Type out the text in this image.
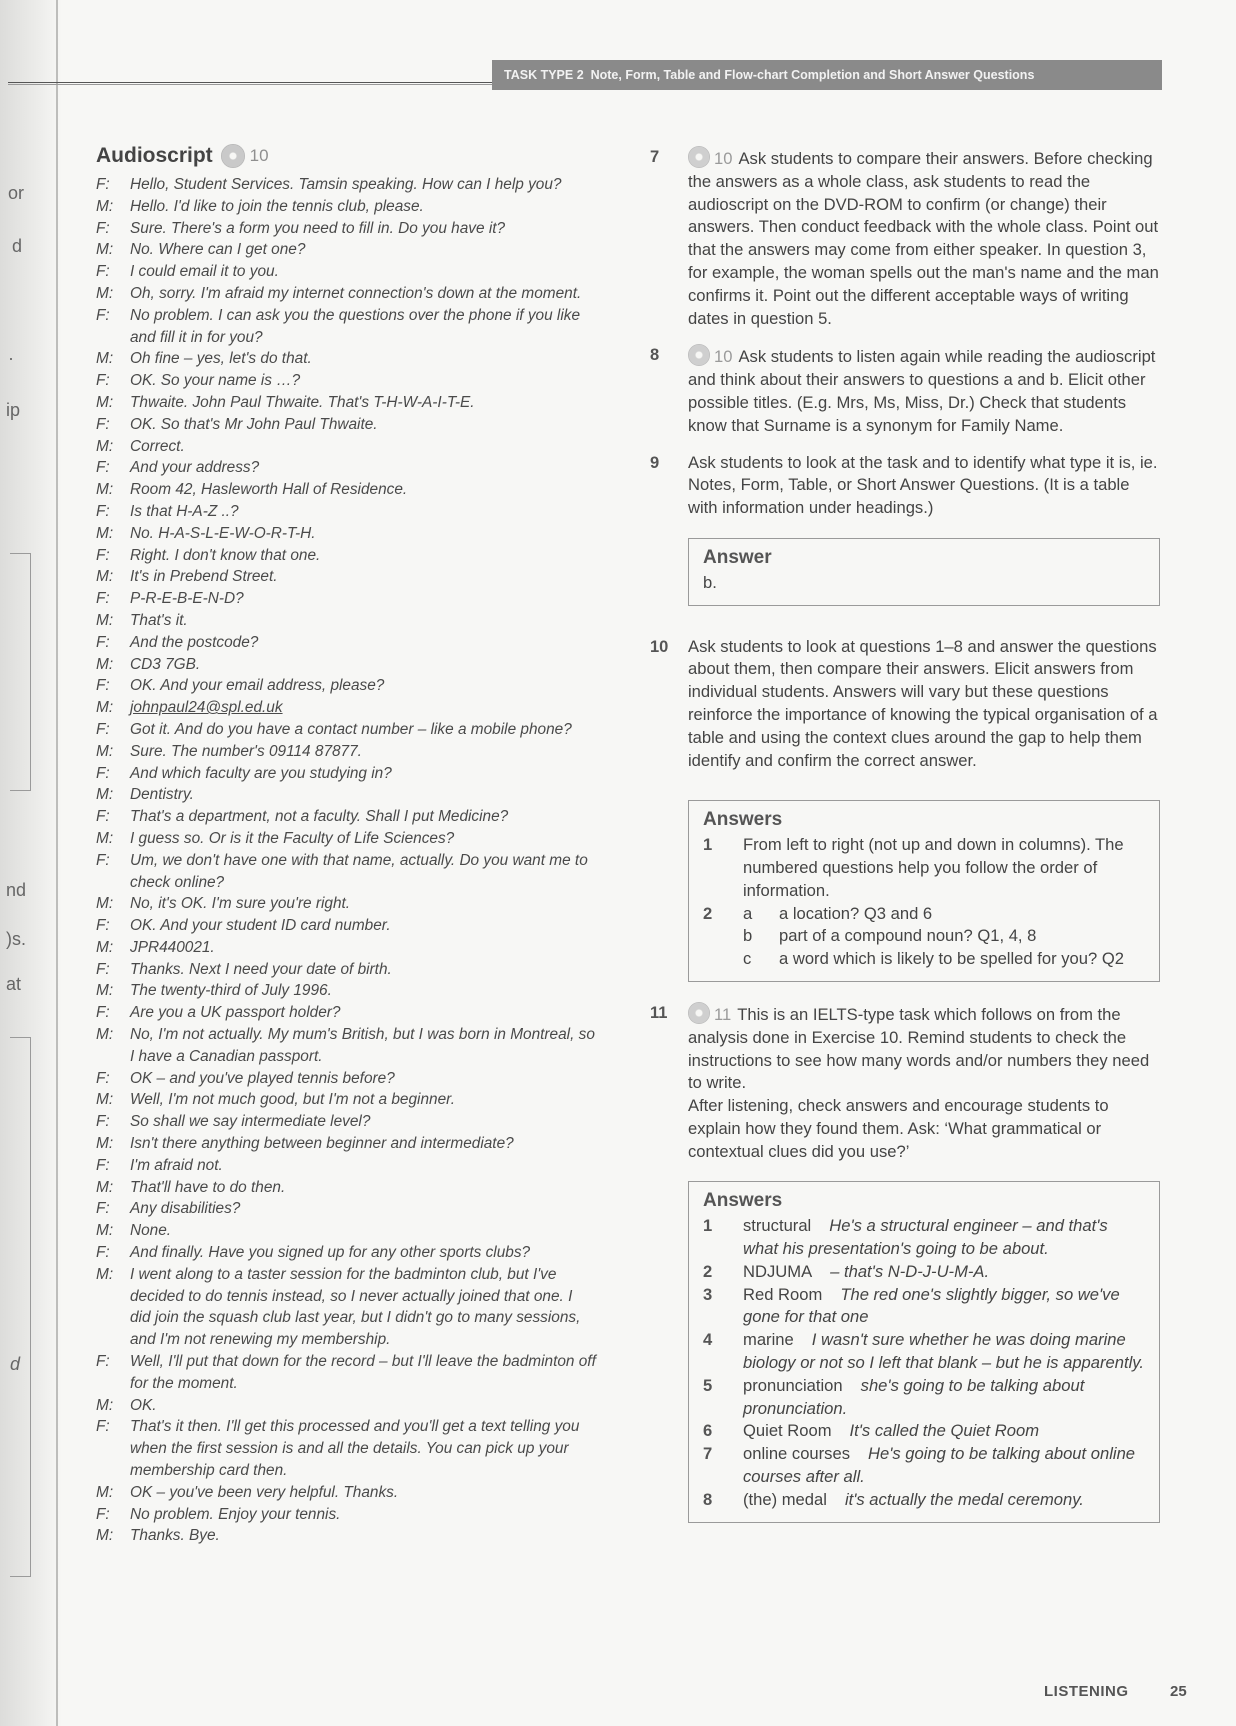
or
d
·
ip
nd
)s.
at
d
TASK TYPE 2 Note, Form, Table and Flow-chart Completion and Short Answer Questions
Audioscript 10
F:	Hello, Student Services. Tamsin speaking. How can I help you?
M:	Hello. I'd like to join the tennis club, please.
F:	Sure. There's a form you need to fill in. Do you have it?
M:	No. Where can I get one?
F:	I could email it to you.
M:	Oh, sorry. I'm afraid my internet connection's down at the moment.
F:	No problem. I can ask you the questions over the phone if you like and fill it in for you?
M:	Oh fine – yes, let's do that.
F:	OK. So your name is …?
M:	Thwaite. John Paul Thwaite. That's T-H-W-A-I-T-E.
F:	OK. So that's Mr John Paul Thwaite.
M:	Correct.
F:	And your address?
M:	Room 42, Hasleworth Hall of Residence.
F:	Is that H-A-Z ..?
M:	No. H-A-S-L-E-W-O-R-T-H.
F:	Right. I don't know that one.
M:	It's in Prebend Street.
F:	P-R-E-B-E-N-D?
M:	That's it.
F:	And the postcode?
M:	CD3 7GB.
F:	OK. And your email address, please?
M:	johnpaul24@spl.ed.uk
F:	Got it. And do you have a contact number – like a mobile phone?
M:	Sure. The number's 09114 87877.
F:	And which faculty are you studying in?
M:	Dentistry.
F:	That's a department, not a faculty. Shall I put Medicine?
M:	I guess so. Or is it the Faculty of Life Sciences?
F:	Um, we don't have one with that name, actually. Do you want me to check online?
M:	No, it's OK. I'm sure you're right.
F:	OK. And your student ID card number.
M:	JPR440021.
F:	Thanks. Next I need your date of birth.
M:	The twenty-third of July 1996.
F:	Are you a UK passport holder?
M:	No, I'm not actually. My mum's British, but I was born in Montreal, so I have a Canadian passport.
F:	OK – and you've played tennis before?
M:	Well, I'm not much good, but I'm not a beginner.
F:	So shall we say intermediate level?
M:	Isn't there anything between beginner and intermediate?
F:	I'm afraid not.
M:	That'll have to do then.
F:	Any disabilities?
M:	None.
F:	And finally. Have you signed up for any other sports clubs?
M:	I went along to a taster session for the badminton club, but I've decided to do tennis instead, so I never actually joined that one. I did join the squash club last year, but I didn't go to many sessions, and I'm not renewing my membership.
F:	Well, I'll put that down for the record – but I'll leave the badminton off for the moment.
M:	OK.
F:	That's it then. I'll get this processed and you'll get a text telling you when the first session is and all the details. You can pick up your membership card then.
M:	OK – you've been very helpful. Thanks.
F:	No problem. Enjoy your tennis.
M:	Thanks. Bye.
7	10 Ask students to compare their answers. Before checking the answers as a whole class, ask students to read the audioscript on the DVD-ROM to confirm (or change) their answers. Then conduct feedback with the whole class. Point out that the answers may come from either speaker. In question 3, for example, the woman spells out the man's name and the man confirms it. Point out the different acceptable ways of writing dates in question 5.
8	10 Ask students to listen again while reading the audioscript and think about their answers to questions a and b. Elicit other possible titles. (E.g. Mrs, Ms, Miss, Dr.) Check that students know that Surname is a synonym for Family Name.
9	Ask students to look at the task and to identify what type it is, ie. Notes, Form, Table, or Short Answer Questions. (It is a table with information under headings.)
Answer
b.
10	Ask students to look at questions 1–8 and answer the questions about them, then compare their answers. Elicit answers from individual students. Answers will vary but these questions reinforce the importance of knowing the typical organisation of a table and using the context clues around the gap to help them identify and confirm the correct answer.
Answers
1	From left to right (not up and down in columns). The numbered questions help you follow the order of information.
2	a	a location? Q3 and 6
b	part of a compound noun? Q1, 4, 8
c	a word which is likely to be spelled for you? Q2
11	11 This is an IELTS-type task which follows on from the analysis done in Exercise 10. Remind students to check the instructions to see how many words and/or numbers they need to write.
After listening, check answers and encourage students to explain how they found them. Ask: ‘What grammatical or contextual clues did you use?’
Answers
1	structural He's a structural engineer – and that's what his presentation's going to be about.
2	NDJUMA – that's N-D-J-U-M-A.
3	Red Room The red one's slightly bigger, so we've gone for that one
4	marine I wasn't sure whether he was doing marine biology or not so I left that blank – but he is apparently.
5	pronunciation she's going to be talking about pronunciation.
6	Quiet Room It's called the Quiet Room
7	online courses He's going to be talking about online courses after all.
8	(the) medal it's actually the medal ceremony.
LISTENING	25
